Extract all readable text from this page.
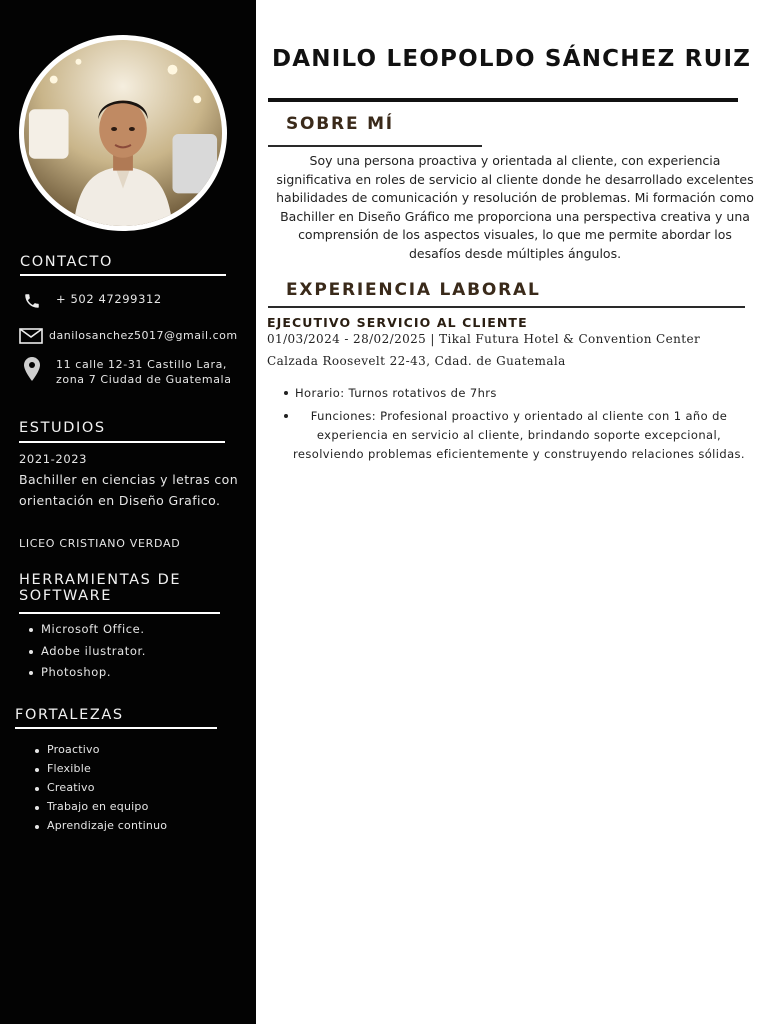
CONTACTO
+ 502 47299312
danilosanchez5017@gmail.com
11 calle 12-31 Castillo Lara,
zona 7 Ciudad de Guatemala
ESTUDIOS
2021-2023
Bachiller en ciencias y letras con orientación en Diseño Grafico.
LICEO CRISTIANO VERDAD
HERRAMIENTAS DE
SOFTWARE
Microsoft Office.
Adobe ilustrator.
Photoshop.
FORTALEZAS
Proactivo
Flexible
Creativo
Trabajo en equipo
Aprendizaje continuo
DANILO LEOPOLDO SÁNCHEZ RUIZ
SOBRE MÍ

Soy una persona proactiva y orientada al cliente, con experiencia significativa en roles de servicio al cliente donde he desarrollado excelentes habilidades de comunicación y resolución de problemas. Mi formación como Bachiller en Diseño Gráfico me proporciona una perspectiva creativa y una comprensión de los aspectos visuales, lo que me permite abordar los desafíos desde múltiples ángulos.

EXPERIENCIA LABORAL
EJECUTIVO SERVICIO AL CLIENTE
01/03/2024 - 28/02/2025 | Tikal Futura Hotel & Convention Center
Calzada Roosevelt 22-43, Cdad. de Guatemala
Horario: Turnos rotativos de 7hrs
Funciones: Profesional proactivo y orientado al cliente con 1 año de experiencia en servicio al cliente, brindando soporte excepcional, resolviendo problemas eficientemente y construyendo relaciones sólidas.
